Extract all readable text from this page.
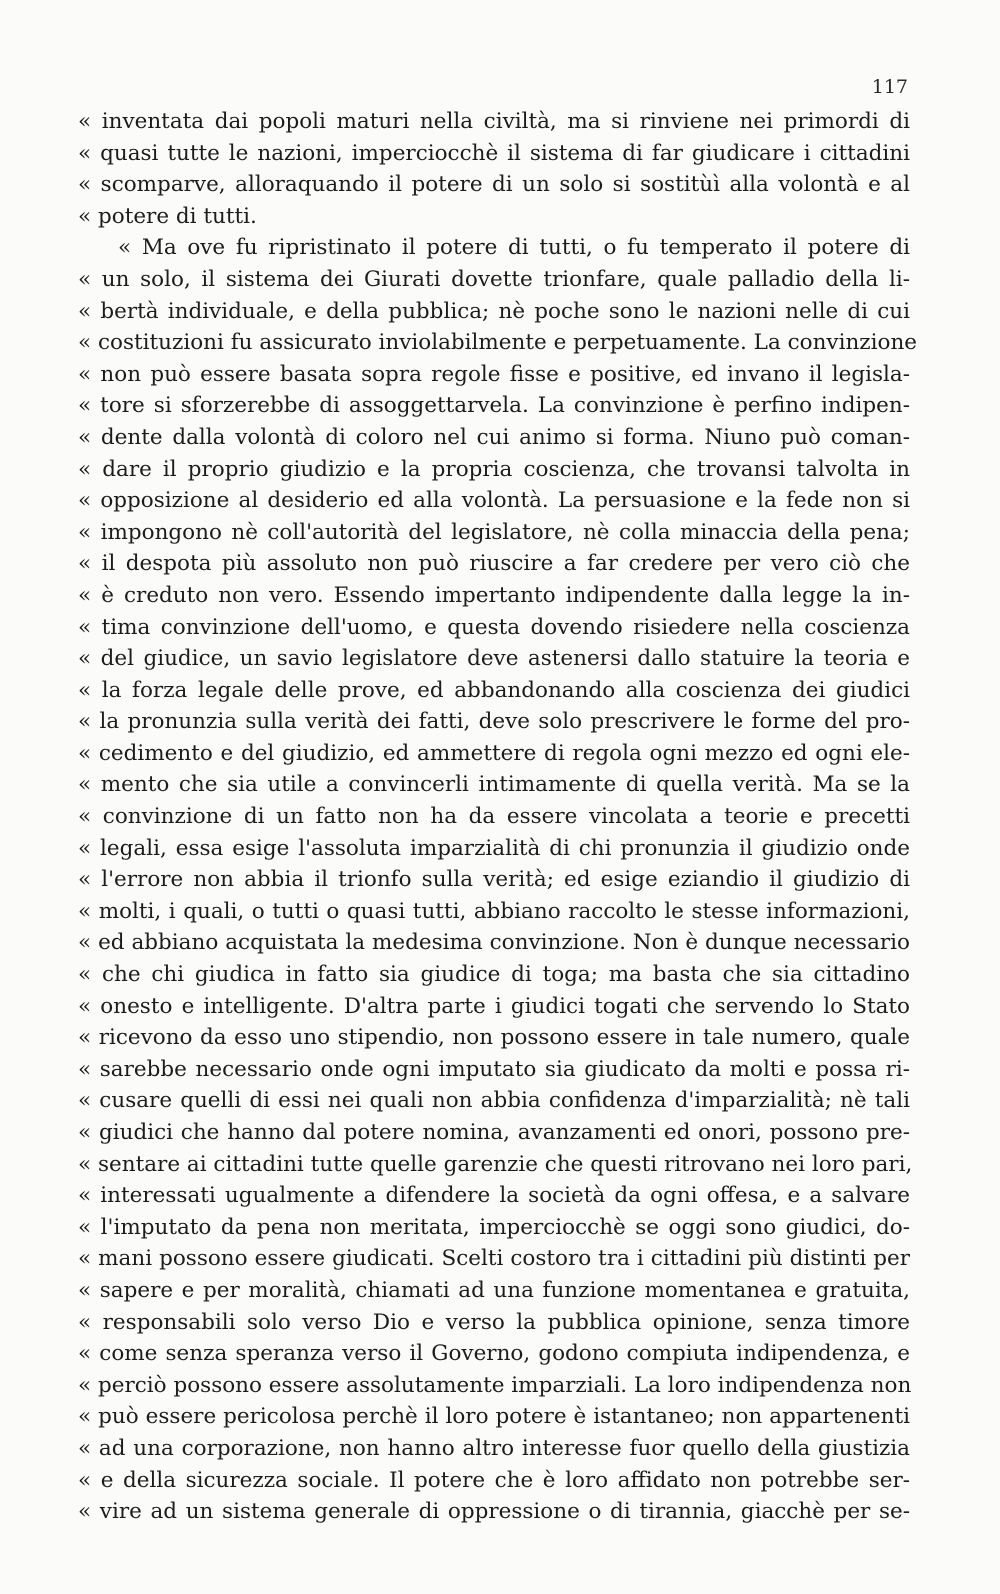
117
« inventata dai popoli maturi nella civiltà, ma si rinviene nei primordi di
« quasi tutte le nazioni, imperciocchè il sistema di far giudicare i cittadini
« scomparve, alloraquando il potere di un solo si sostitùì alla volontà e al
« potere di tutti.
« Ma ove fu ripristinato il potere di tutti, o fu temperato il potere di
« un solo, il sistema dei Giurati dovette trionfare, quale palladio della li-
« bertà individuale, e della pubblica; nè poche sono le nazioni nelle di cui
« costituzioni fu assicurato inviolabilmente e perpetuamente. La convinzione
« non può essere basata sopra regole fisse e positive, ed invano il legisla-
« tore si sforzerebbe di assoggettarvela. La convinzione è perfino indipen-
« dente dalla volontà di coloro nel cui animo si forma. Niuno può coman-
« dare il proprio giudizio e la propria coscienza, che trovansi talvolta in
« opposizione al desiderio ed alla volontà. La persuasione e la fede non si
« impongono nè coll'autorità del legislatore, nè colla minaccia della pena;
« il despota più assoluto non può riuscire a far credere per vero ciò che
« è creduto non vero. Essendo impertanto indipendente dalla legge la in-
« tima convinzione dell'uomo, e questa dovendo risiedere nella coscienza
« del giudice, un savio legislatore deve astenersi dallo statuire la teoria e
« la forza legale delle prove, ed abbandonando alla coscienza dei giudici
« la pronunzia sulla verità dei fatti, deve solo prescrivere le forme del pro-
« cedimento e del giudizio, ed ammettere di regola ogni mezzo ed ogni ele-
« mento che sia utile a convincerli intimamente di quella verità. Ma se la
« convinzione di un fatto non ha da essere vincolata a teorie e precetti
« legali, essa esige l'assoluta imparzialità di chi pronunzia il giudizio onde
« l'errore non abbia il trionfo sulla verità; ed esige eziandio il giudizio di
« molti, i quali, o tutti o quasi tutti, abbiano raccolto le stesse informazioni,
« ed abbiano acquistata la medesima convinzione. Non è dunque necessario
« che chi giudica in fatto sia giudice di toga; ma basta che sia cittadino
« onesto e intelligente. D'altra parte i giudici togati che servendo lo Stato
« ricevono da esso uno stipendio, non possono essere in tale numero, quale
« sarebbe necessario onde ogni imputato sia giudicato da molti e possa ri-
« cusare quelli di essi nei quali non abbia confidenza d'imparzialità; nè tali
« giudici che hanno dal potere nomina, avanzamenti ed onori, possono pre-
« sentare ai cittadini tutte quelle garenzie che questi ritrovano nei loro pari,
« interessati ugualmente a difendere la società da ogni offesa, e a salvare
« l'imputato da pena non meritata, imperciocchè se oggi sono giudici, do-
« mani possono essere giudicati. Scelti costoro tra i cittadini più distinti per
« sapere e per moralità, chiamati ad una funzione momentanea e gratuita,
« responsabili solo verso Dio e verso la pubblica opinione, senza timore
« come senza speranza verso il Governo, godono compiuta indipendenza, e
« perciò possono essere assolutamente imparziali. La loro indipendenza non
« può essere pericolosa perchè il loro potere è istantaneo; non appartenenti
« ad una corporazione, non hanno altro interesse fuor quello della giustizia
« e della sicurezza sociale. Il potere che è loro affidato non potrebbe ser-
« vire ad un sistema generale di oppressione o di tirannia, giacchè per se-
